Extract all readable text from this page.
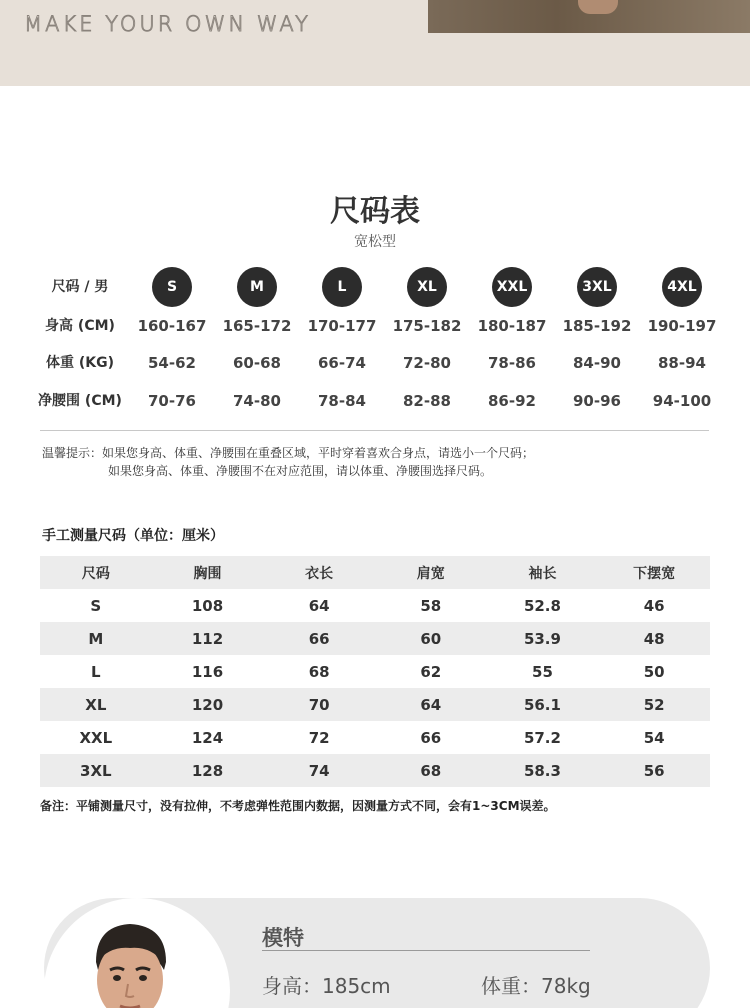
MAKE YOUR OWN WAY
尺码表
宽松型
尺码 / 男	S	M	L	XL	XXL	3XL	4XL
身高 (CM)	160-167	165-172	170-177	175-182	180-187	185-192	190-197
体重 (KG)	54-62	60-68	66-74	72-80	78-86	84-90	88-94
净腰围 (CM)	70-76	74-80	78-84	82-88	86-92	90-96	94-100
温馨提示：如果您身高、体重、净腰围在重叠区域，平时穿着喜欢合身点，请选小一个尺码；
如果您身高、体重、净腰围不在对应范围，请以体重、净腰围选择尺码。
手工测量尺码（单位：厘米）
尺码	胸围	衣长	肩宽	袖长	下摆宽
S	108	64	58	52.8	46
M	112	66	60	53.9	48
L	116	68	62	55	50
XL	120	70	64	56.1	52
XXL	124	72	66	57.2	54
3XL	128	74	68	58.3	56
备注：平铺测量尺寸，没有拉伸，不考虑弹性范围内数据，因测量方式不同，会有1~3CM误差。
模特
身高：185cm	体重：78kg
